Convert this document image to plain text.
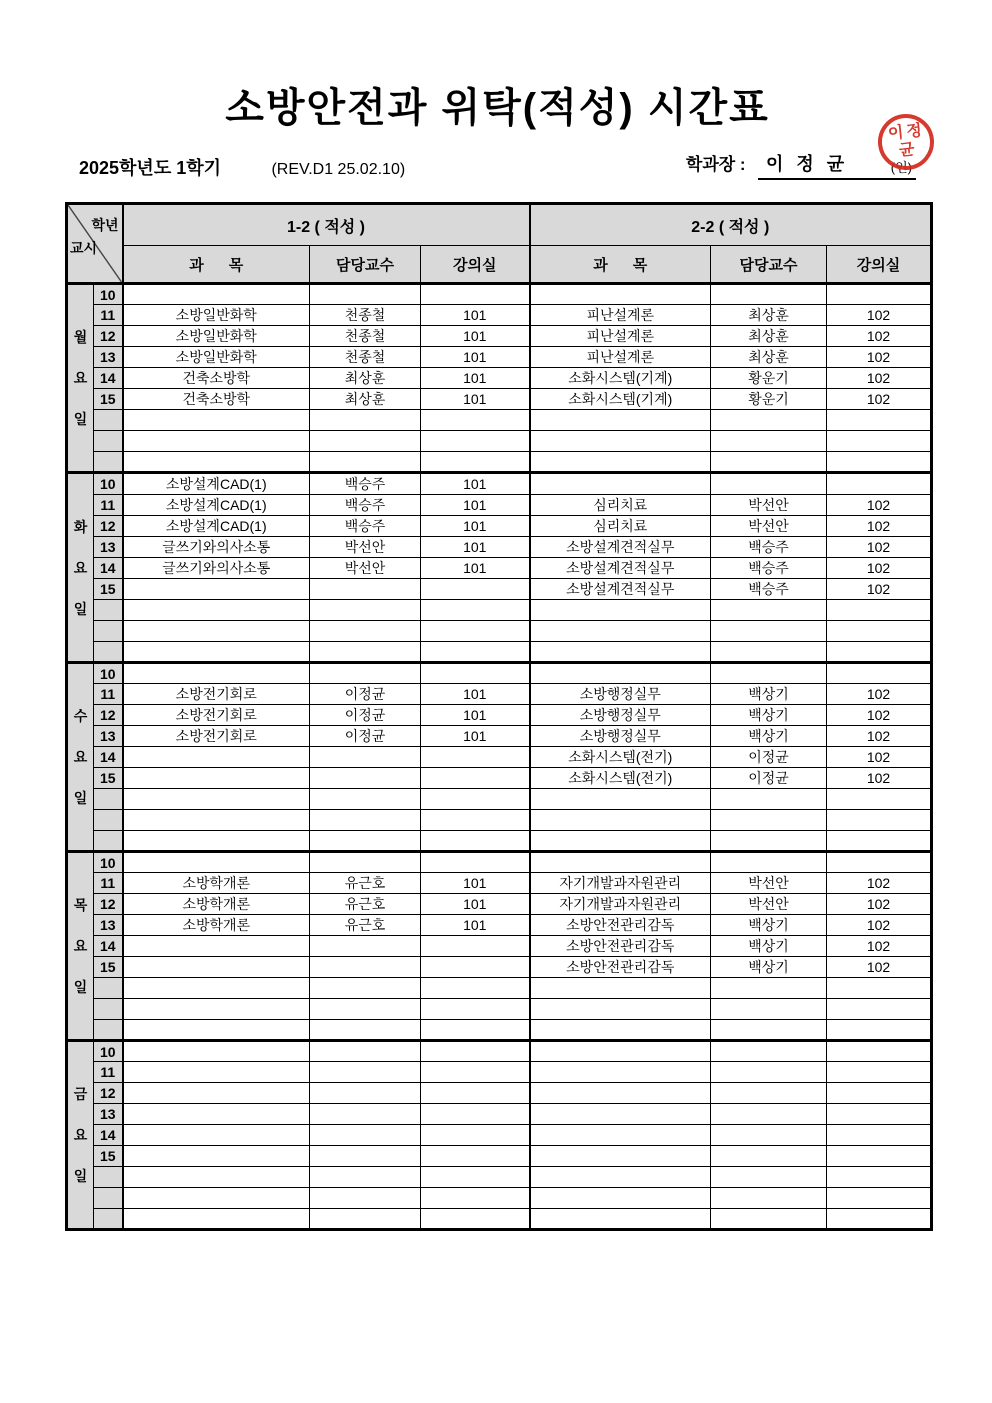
소방안전과 위탁(적성) 시간표
2025학년도 1학기	(REV.D1 25.02.10)	학과장 : 이 정 균	(인)
이 정
균
학년
교시		1-2 ( 적성 )			2-2 ( 적성 )		
		과      목	담당교수	강의실	과      목	담당교수	강의실

월
요
일	10						
	11	소방일반화학	천종철	101	피난설계론	최상훈	102
	12	소방일반화학	천종철	101	피난설계론	최상훈	102
	13	소방일반화학	천종철	101	피난설계론	최상훈	102
	14	건축소방학	최상훈	101	소화시스템(기계)	황운기	102
	15	건축소방학	최상훈	101	소화시스템(기계)	황운기	102

화
요
일	10	소방설계CAD(1)	백승주	101			
	11	소방설계CAD(1)	백승주	101	심리치료	박선안	102
	12	소방설계CAD(1)	백승주	101	심리치료	박선안	102
	13	글쓰기와의사소통	박선안	101	소방설계견적실무	백승주	102
	14	글쓰기와의사소통	박선안	101	소방설계견적실무	백승주	102
	15				소방설계견적실무	백승주	102

수
요
일	10						
	11	소방전기회로	이정균	101	소방행정실무	백상기	102
	12	소방전기회로	이정균	101	소방행정실무	백상기	102
	13	소방전기회로	이정균	101	소방행정실무	백상기	102
	14				소화시스템(전기)	이정균	102
	15				소화시스템(전기)	이정균	102

목
요
일	10						
	11	소방학개론	유근호	101	자기개발과자원관리	박선안	102
	12	소방학개론	유근호	101	자기개발과자원관리	박선안	102
	13	소방학개론	유근호	101	소방안전관리감독	백상기	102
	14				소방안전관리감독	백상기	102
	15				소방안전관리감독	백상기	102

금
요
일	10						
	11						
	12						
	13						
	14						
	15						
